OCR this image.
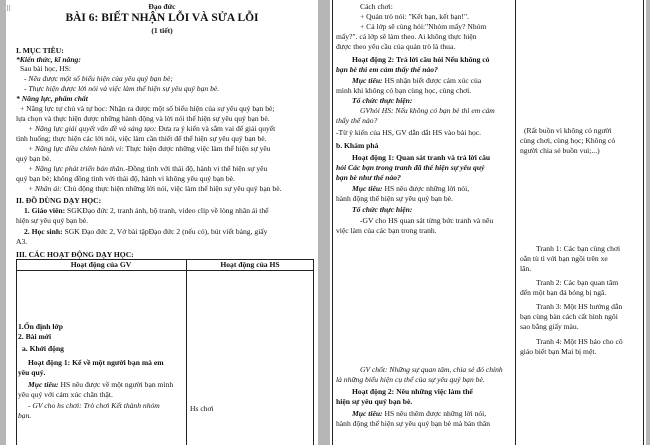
⠿	Đạo đức
BÀI 6: BIẾT NHẬN LỖI VÀ SỬA LỖI
(1 tiết)
I. MỤC TIÊU:
*Kiến thức, kĩ năng:
Sau bài học, HS:
- Nêu được một số biểu hiện của yêu quý bạn bè;
- Thực hiện được lời nói và việc làm thể hiện sự yêu quý bạn bè.
* Năng lực, phẩm chất
+ Năng lực tự chủ và tự học: Nhận ra được một số biểu hiện của sự yêu quý bạn bè;
lựa chọn và thực hiện được những hành động và lời nói thể hiện sự yêu quý bạn bè.
+ Năng lực giải quyết vấn đề và sáng tạo: Đưa ra ý kiến và sắm vai để giải quyết
tình huống; thực hiện các lời nói, việc làm cần thiết để thể hiện sự yêu quý bạn bè.
+ Năng lực điều chỉnh hành vi: Thực hiện được những việc làm thể hiện sự yêu
quý bạn bè.
+ Năng lực phát triển bản thân.-Đồng tình với thái độ, hành vi thể hiện sự yêu
quý bạn bè; không đồng tình với thái độ, hành vi không yêu quý bạn bè.
+ Nhân ái: Chủ động thực hiện những lời nói, việc làm thể hiện sự yêu quý bạn bè.
II. ĐỒ DÙNG DẠY HỌC:
1. Giáo viên: SGKĐạo đức 2, tranh ảnh, bộ tranh, video clip về lòng nhân ái thể
hiện sự yêu quý bạn bè.
2. Học sinh: SGK Đạo đức 2, Vở bài tậpĐạo đức 2 (nếu có), bút viết bảng, giấy
A3.
III. CÁC HOẠT ĐỘNG DẠY HỌC:
Hoạt động của GV	Hoạt động của HS
1.Ổn định lớp
2. Bài mới
a. Khởi động
Hoạt động 1: Kể về một người bạn mà em
yêu quý.
Mục tiêu: HS nêu được về một người bạn mình
yêu quý với cảm xúc chân thật.
- GV cho hs chơi: Trò chơi Kết thành nhóm
bạn.
Hs chơi
Cách chơi:
+ Quản trò nói: "Kết bạn, kết bạn!".
+ Cả lớp sẽ cùng hỏi:"Nhóm mấy? Nhóm
mấy?". cả lớp sẽ làm theo. Ai không thực hiện
được theo yêu cầu của quản trò là thua.
Hoạt động 2: Trả lời câu hỏi Nếu không có
bạn bè thì em cảm thấy thế nào?
Mục tiêu: HS nhận biết được cảm xúc của
mình khi không có bạn cùng học, cùng chơi.
Tổ chức thực hiện:
GVhỏi HS: Nếu không có bạn bè thì em cảm
thấy thế nào?
-Từ ý kiến của HS, GV dẫn dắt HS vào bài học.
b. Khám phá
Hoạt động 1: Quan sát tranh và trả lời câu
hỏi Các bạn trong tranh đã thể hiện sự yêu quý
bạn bè như thế nào?
Mục tiêu: HS nêu được những lời nói,
hành động thể hiện sự yêu quý bạn bè.
Tổ chức thực hiện:
-GV cho HS quan sát từng bức tranh và nêu
việc làm của các bạn trong tranh.
GV chốt: Những sự quan tâm, chia sẻ đó chính
là những biểu hiện cụ thể của sự yêu quý bạn bè.
Hoạt động 2: Nêu những việc làm thể
hiện sự yêu quý bạn bè.
Mục tiêu: HS nêu thêm được những lời nói,
hành động thể hiện sự yêu quý bạn bè mà bản thân
(Rất buồn vì không có người
cùng chơi, cùng học; Không có
người chia sẻ buồn vui;...)
Tranh 1: Các bạn cùng chơi
oẳn tù tì với bạn ngồi trên xe
lăn.
Tranh 2: Các bạn quan tâm
đến một bạn đá bóng bị ngã.
Tranh 3: Một HS hướng dẫn
bạn cùng bàn cách cất hình ngôi
sao bằng giấy màu.
Tranh 4: Một HS báo cho cô
giáo biết bạn Mai bị mệt.
